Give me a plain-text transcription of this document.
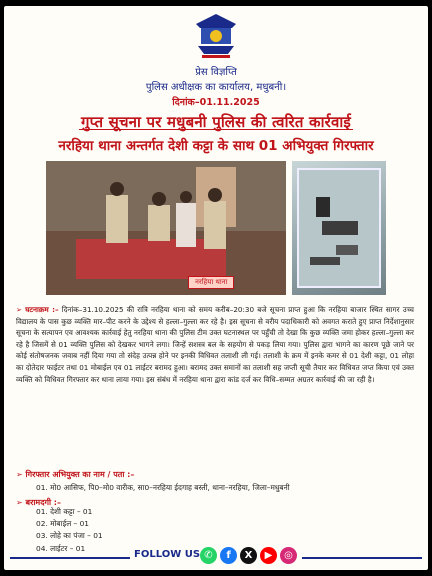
प्रेस विज्ञप्ति
पुलिस अधीक्षक का कार्यालय, मधुबनी।
दिनांक–01.11.2025
गुप्त सूचना पर मधुबनी पुलिस की त्वरित कार्रवाई
नरहिया थाना अन्तर्गत देशी कट्टा के साथ 01 अभियुक्त गिरफ्तार
नरहिया थाना
➢ घटनाक्रम :– दिनांक–31.10.2025 की रात्रि नरहिया थाना को समय करीब–20:30 बजे सूचना प्राप्त हुआ कि नरहिया बाजार स्थित सागर उच्च विद्यालय के पास कुछ व्यक्ति मार–पीट करने के उद्देश्य से हल्ला–गुल्ला कर रहे है। इस सूचना से वरीय पदाधिकारी को अवगत कराते हुए प्राप्त निर्देशानुसार सूचना के सत्यापन एव आवश्यक कार्रवाई हेतु नरहिया थाना की पुलिस टीम उक्त घटनास्थल पर पहुँची तो देखा कि कुछ व्यक्ति जमा होकर हल्ला–गुल्ला कर रहे है जिसमें से 01 व्यक्ति पुलिस को देखकर भागने लगा। जिन्हें सशस्त्र बल के सहयोग से पकड़ लिया गया। पुलिस द्वारा भागने का कारण पूछे जाने पर कोई संतोषजनक जवाब नहीं दिया गया तो संदेह उत्पन्न होने पर इनकी विधिवत तलाशी ली गई। तलाशी के क्रम में इनके कमर से 01 देशी कट्टा, 01 लोहा का दोतेदार फाईटर तथा 01 मोबाईल एव 01 लाईटर बरामद हुआ। बरामद उक्त समानों का तलाशी सह जप्ती सूची तैयार कर विधिवत जप्त किया एवं उक्त व्यक्ति को विधिवत गिरफ्तार कर थाना लाया गया। इस संबंध में नरहिया थाना द्वारा कांड दर्ज कर विधि–सम्मत अग्रतर कार्रवाई की जा रही है।
➢ गिरफ्तार अभियुक्त का नाम / पता :–
01. मो0 आसिफ, पि0–मो0 वारीक, सा0–नरहिया ईदगाह बस्ती, थाना–नरहिया, जिला–मधुबनी
➢ बरामदगी :–
01. देशी कट्टा – 01
02. मोबाईल – 01
03. लोहे का पंजा – 01
04. लाईटर – 01
FOLLOW US ✆	f	X	▶	◎
